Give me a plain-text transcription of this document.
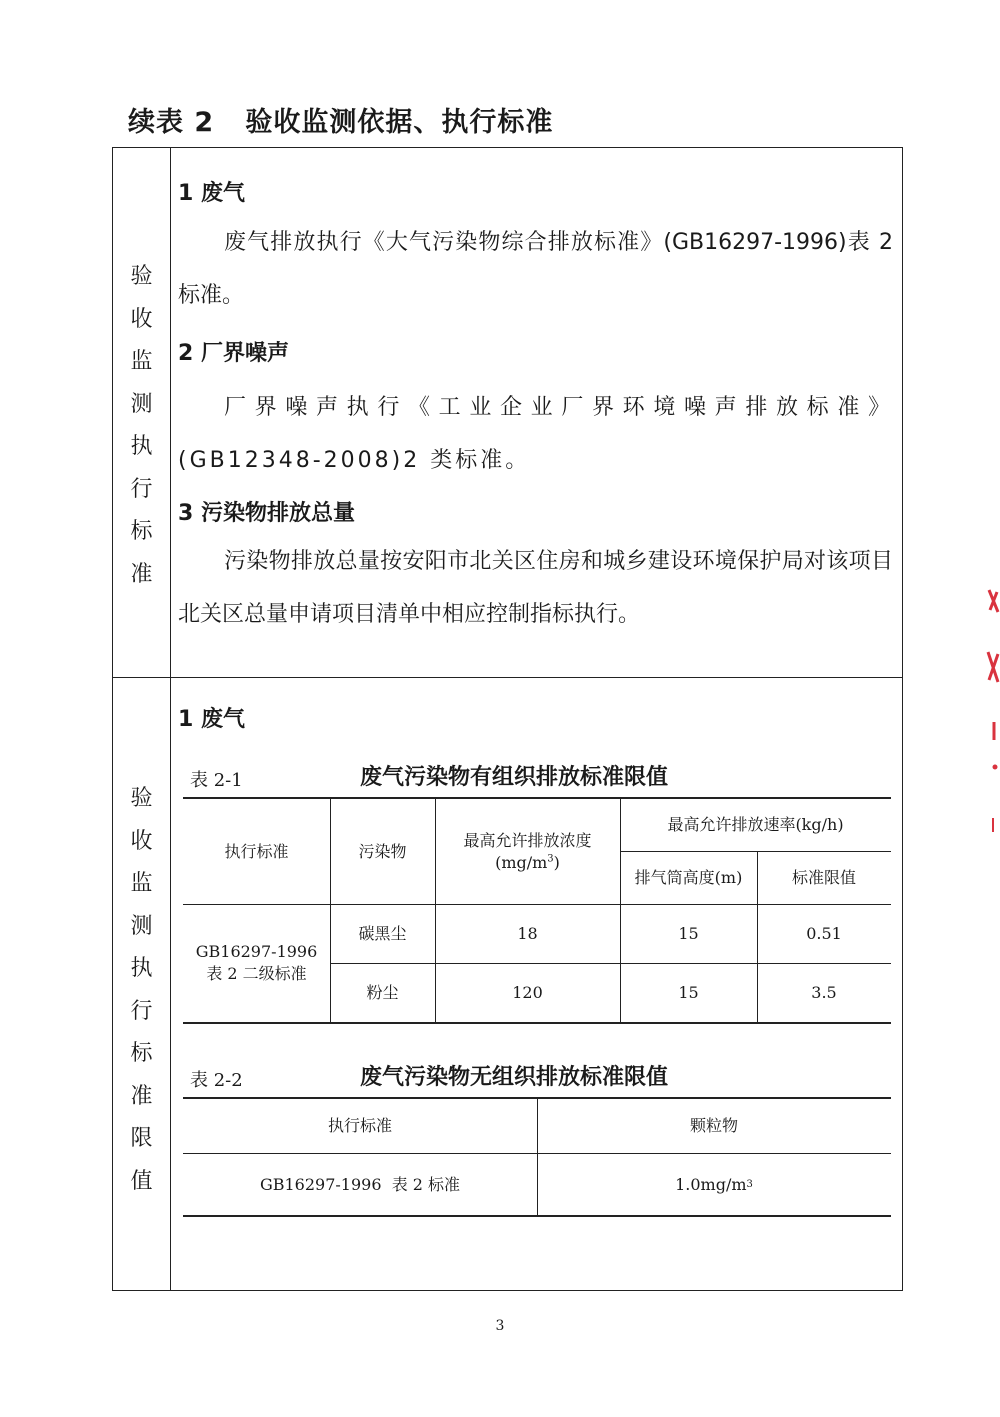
续表 2   验收监测依据、执行标准
验
收
监
测
执
行
标
准
验
收
监
测
执
行
标
准
限
值
1 废气
废气排放执行《大气污染物综合排放标准》(GB16297-1996)表 2 标准。
2 厂界噪声
厂界噪声执行《工业企业厂界环境噪声排放标准》(GB12348-2008)2 类标准。
3 污染物排放总量
污染物排放总量按安阳市北关区住房和城乡建设环境保护局对该项目北关区总量申请项目清单中相应控制指标执行。
1 废气
表 2-1	废气污染物有组织排放标准限值
执行标准	污染物
最高允许排放浓度
$(mg/m^3)$
最高允许排放速率(kg/h)
排气筒高度(m)	标准限值
GB16297-1996
表 2 二级标准
碳黑尘	18	15	0.51
粉尘	120	15	3.5
表 2-2	废气污染物无组织排放标准限值
执行标准	颗粒物
GB16297-1996  表 2 标准	1.0mg/m 3
3
